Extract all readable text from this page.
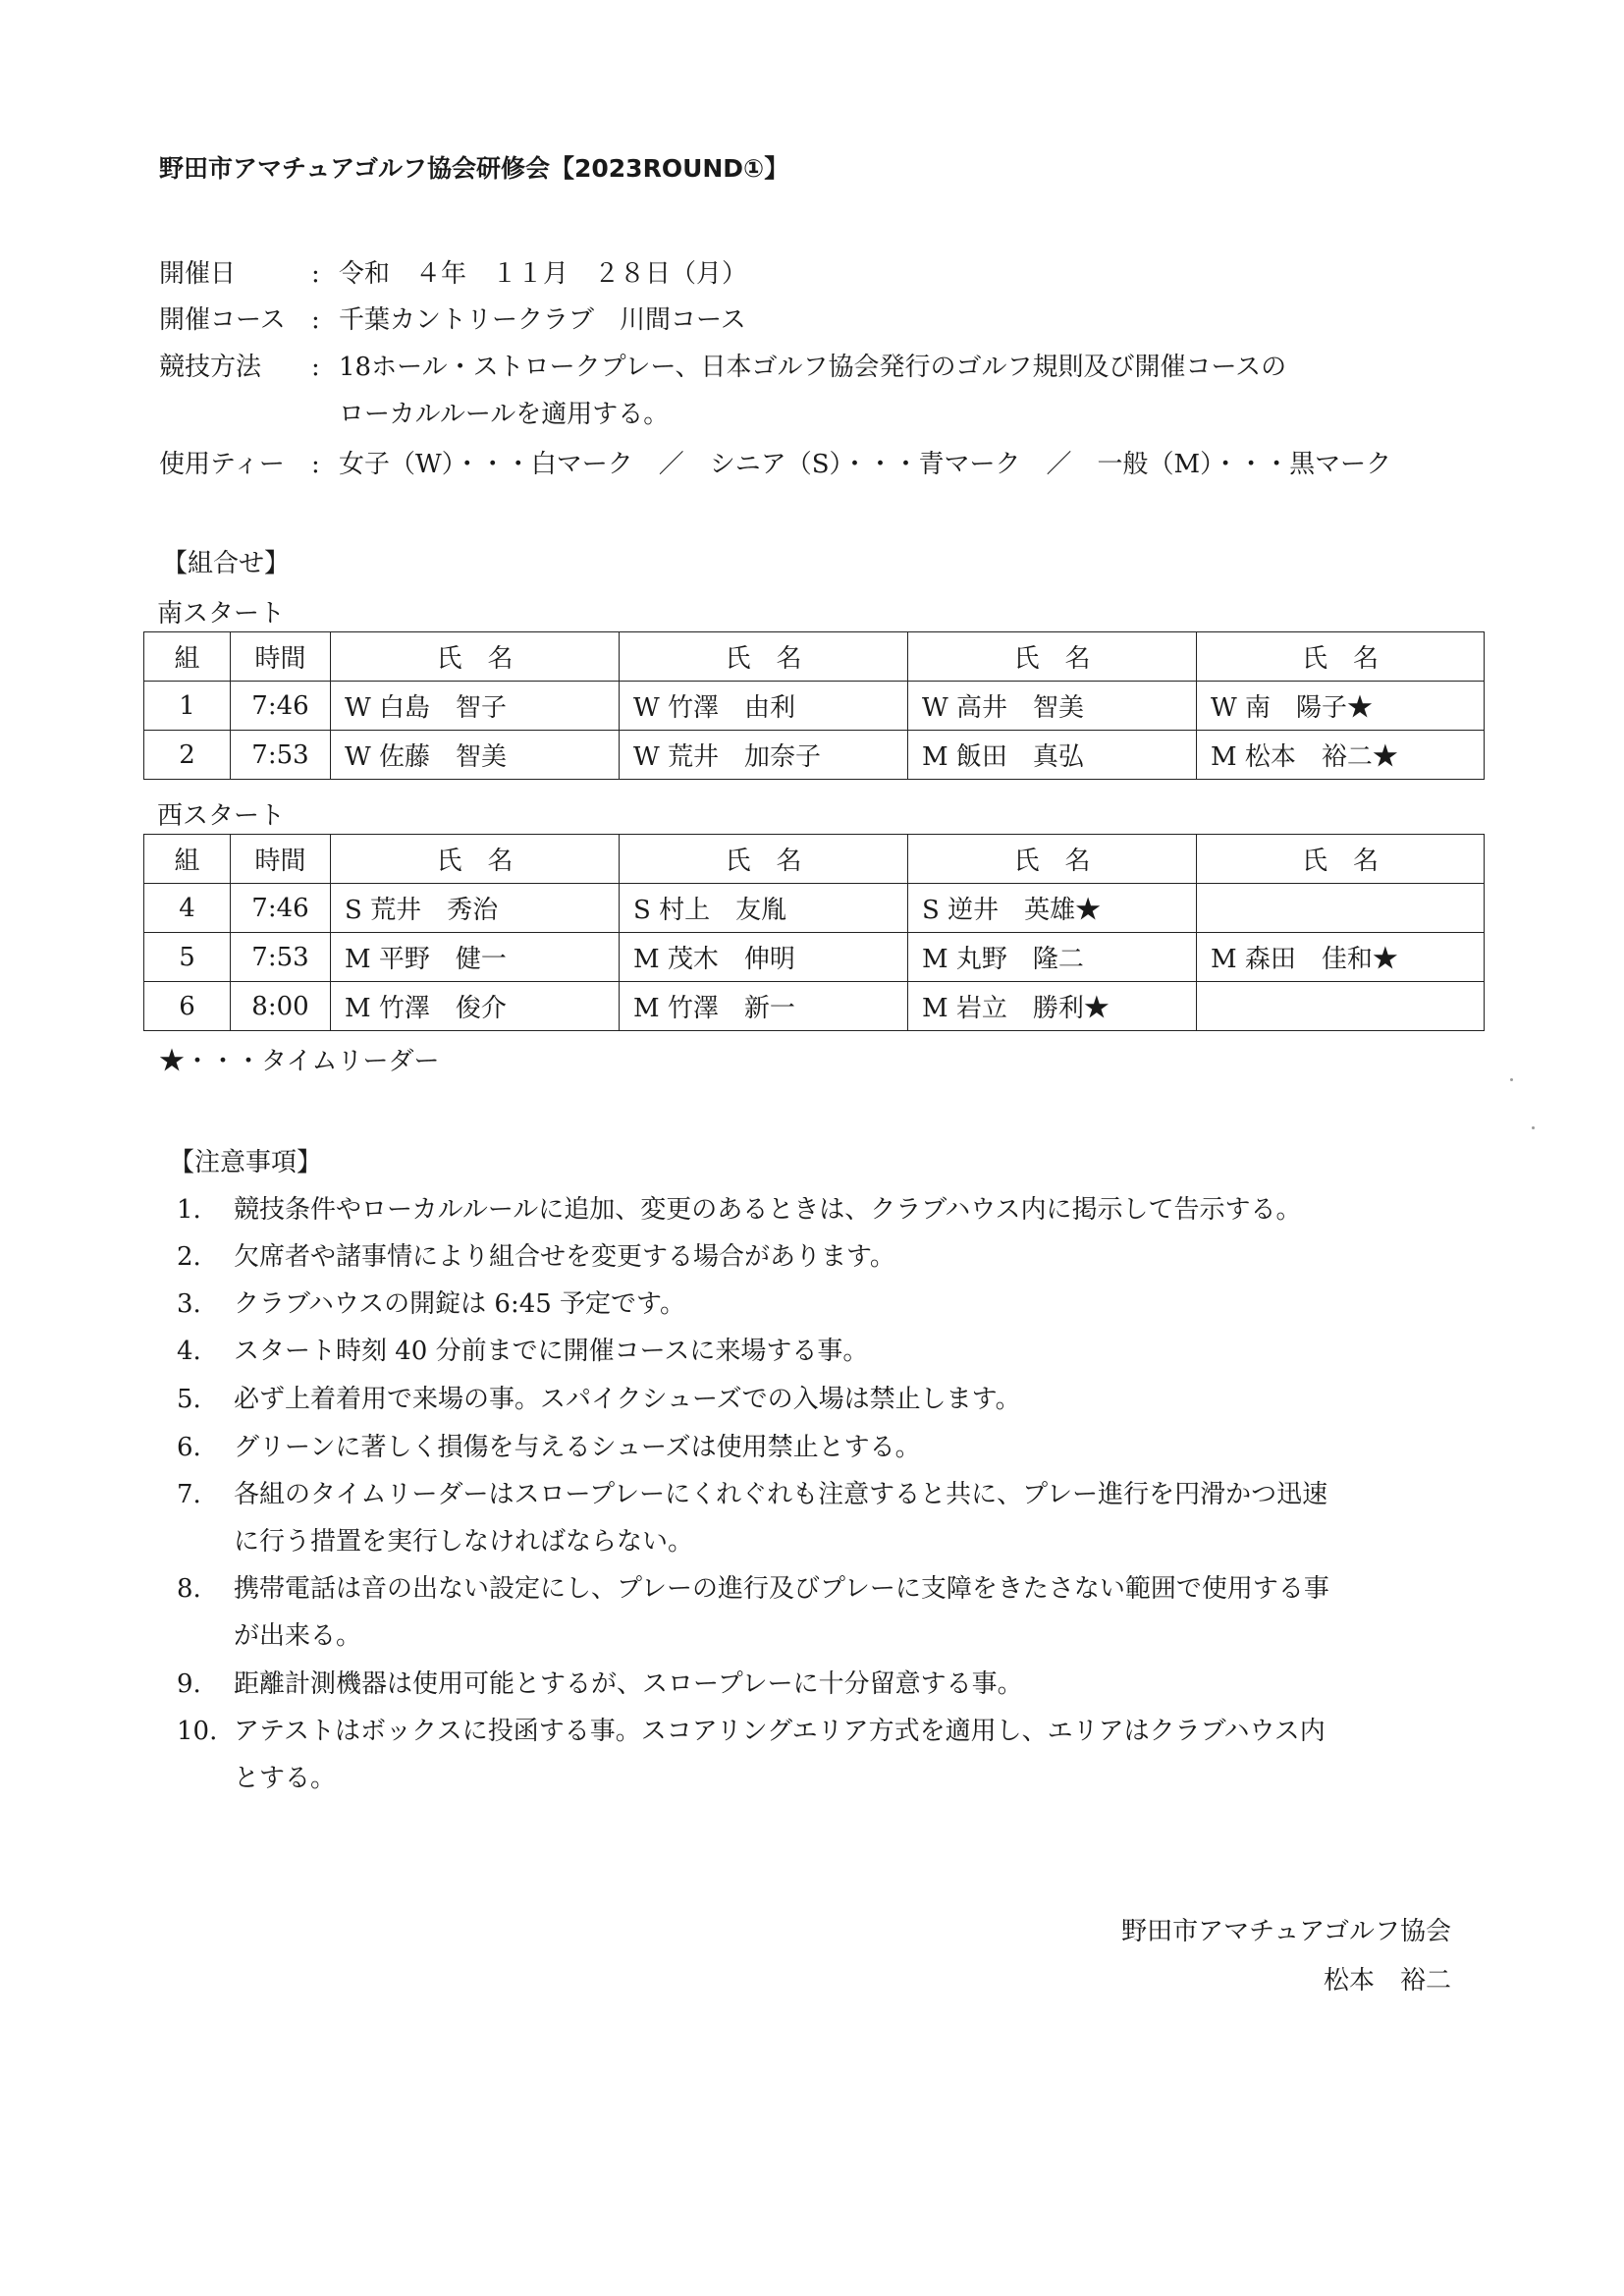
野田市アマチュアゴルフ協会研修会【2023ROUND①】
開催日	: 令和　４年　１１月　２８日（月）
開催コース : 千葉カントリークラブ　川間コース
競技方法 : 18ホール・ストロークプレー、日本ゴルフ協会発行のゴルフ規則及び開催コースの
ローカルルールを適用する。
使用ティー : 女子（W）・・・白マーク　／　シニア（S）・・・青マーク　／　一般（M）・・・黒マーク
【組合せ】
南スタート
組	時間	氏　名	氏　名	氏　名	氏　名
1	7:46	W 白島　智子	W 竹澤　由利	W 高井　智美	W 南　陽子★
2	7:53	W 佐藤　智美	W 荒井　加奈子	M 飯田　真弘	M 松本　裕二★
西スタート
組	時間	氏　名	氏　名	氏　名	氏　名
4	7:46	S 荒井　秀治	S 村上　友胤	S 逆井　英雄★	
5	7:53	M 平野　健一	M 茂木　伸明	M 丸野　隆二	M 森田　佳和★
6	8:00	M 竹澤　俊介	M 竹澤　新一	M 岩立　勝利★	
★・・・タイムリーダー
【注意事項】
1. 競技条件やローカルルールに追加、変更のあるときは、クラブハウス内に掲示して告示する。
2. 欠席者や諸事情により組合せを変更する場合があります。
3. クラブハウスの開錠は 6:45 予定です。
4. スタート時刻 40 分前までに開催コースに来場する事。
5. 必ず上着着用で来場の事。スパイクシューズでの入場は禁止します。
6. グリーンに著しく損傷を与えるシューズは使用禁止とする。
7. 各組のタイムリーダーはスロープレーにくれぐれも注意すると共に、プレー進行を円滑かつ迅速
に行う措置を実行しなければならない。
8. 携帯電話は音の出ない設定にし、プレーの進行及びプレーに支障をきたさない範囲で使用する事
が出来る。
9. 距離計測機器は使用可能とするが、スロープレーに十分留意する事。
10. アテストはボックスに投函する事。スコアリングエリア方式を適用し、エリアはクラブハウス内
とする。
野田市アマチュアゴルフ協会
松本　裕二
